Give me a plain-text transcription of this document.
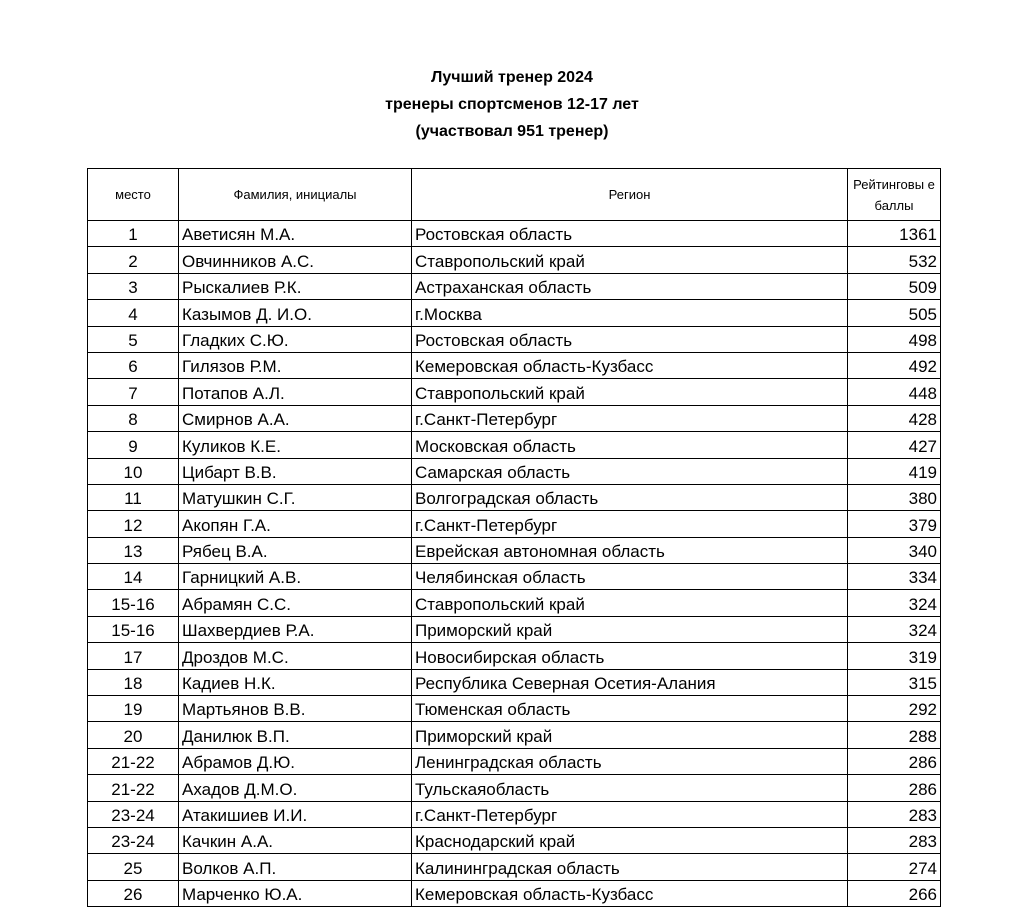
Лучший тренер 2024
тренеры спортсменов 12-17 лет
(участвовал 951 тренер)
место	Фамилия, инициалы	Регион	Рейтинговы е баллы
1	Аветисян М.А.	Ростовская область	1361
2	Овчинников А.С.	Ставропольский край	532
3	Рыскалиев Р.К.	Астраханская область	509
4	Казымов Д. И.О.	г.Москва	505
5	Гладких С.Ю.	Ростовская область	498
6	Гилязов Р.М.	Кемеровская область-Кузбасс	492
7	Потапов А.Л.	Ставропольский край	448
8	Смирнов А.А.	г.Санкт-Петербург	428
9	Куликов К.Е.	Московская область	427
10	Цибарт В.В.	Самарская область	419
11	Матушкин С.Г.	Волгоградская область	380
12	Акопян Г.А.	г.Санкт-Петербург	379
13	Рябец В.А.	Еврейская автономная область	340
14	Гарницкий А.В.	Челябинская область	334
15-16	Абрамян С.С.	Ставропольский край	324
15-16	Шахвердиев Р.А.	Приморский край	324
17	Дроздов М.С.	Новосибирская область	319
18	Кадиев Н.К.	Республика Северная Осетия-Алания	315
19	Мартьянов В.В.	Тюменская область	292
20	Данилюк В.П.	Приморский край	288
21-22	Абрамов Д.Ю.	Ленинградская область	286
21-22	Ахадов Д.М.О.	Тульскаяобласть	286
23-24	Атакишиев И.И.	г.Санкт-Петербург	283
23-24	Качкин А.А.	Краснодарский край	283
25	Волков А.П.	Калининградская область	274
26	Марченко Ю.А.	Кемеровская область-Кузбасс	266
